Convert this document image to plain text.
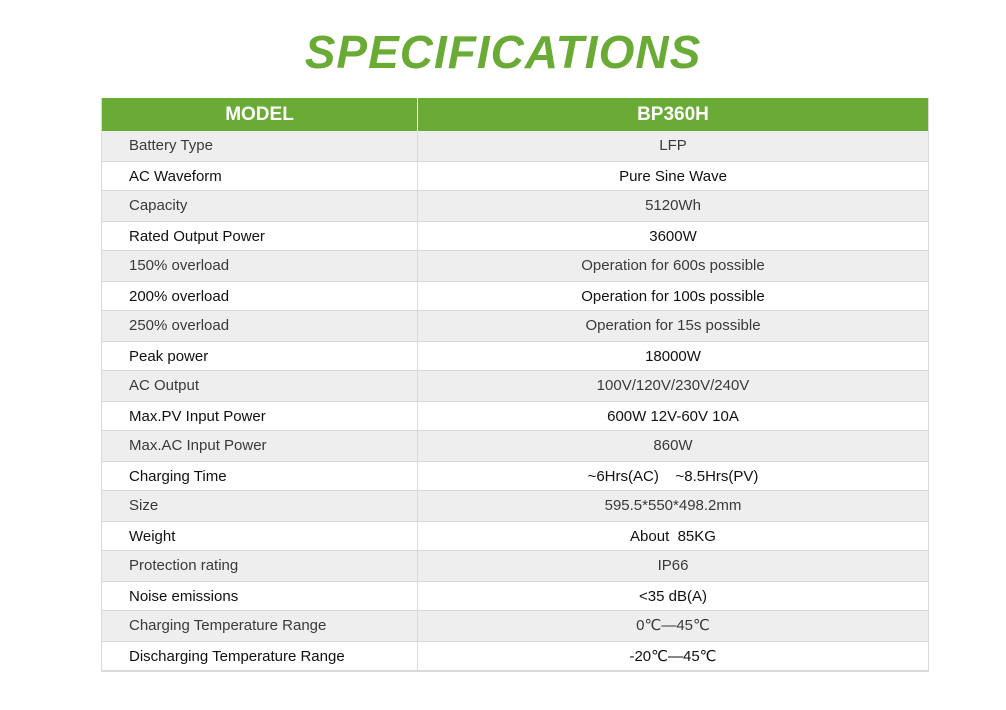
SPECIFICATIONS
MODEL	BP360H
Battery Type	LFP
AC Waveform	Pure Sine Wave
Capacity	5120Wh
Rated Output Power	3600W
150% overload	Operation for 600s possible
200% overload	Operation for 100s possible
250% overload	Operation for 15s possible
Peak power	18000W
AC Output	100V/120V/230V/240V
Max.PV Input Power	600W 12V-60V 10A
Max.AC Input Power	860W
Charging Time	~6Hrs(AC)    ~8.5Hrs(PV)
Size	595.5*550*498.2mm
Weight	About  85KG
Protection rating	IP66
Noise emissions	<35 dB(A)
Charging Temperature Range	0℃—45℃
Discharging Temperature Range	-20℃—45℃
